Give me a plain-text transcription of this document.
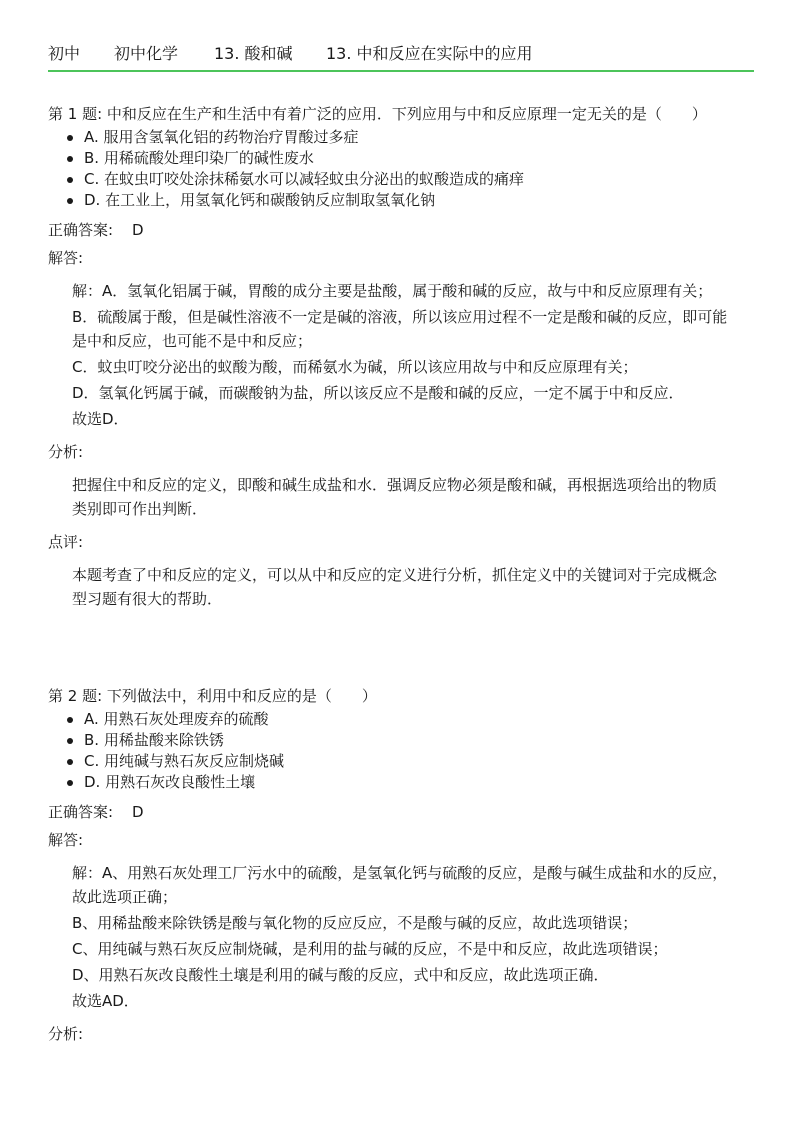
初中	初中化学	13. 酸和碱	13. 中和反应在实际中的应用
第 1 题: 中和反应在生产和生活中有着广泛的应用．下列应用与中和反应原理一定无关的是（　　）
A. 服用含氢氧化铝的药物治疗胃酸过多症
B. 用稀硫酸处理印染厂的碱性废水
C. 在蚊虫叮咬处涂抹稀氨水可以减轻蚊虫分泌出的蚁酸造成的痛痒
D. 在工业上，用氢氧化钙和碳酸钠反应制取氢氧化钠
正确答案: D
解答:

解：A．氢氧化铝属于碱，胃酸的成分主要是盐酸，属于酸和碱的反应，故与中和反应原理有关；

B．硫酸属于酸，但是碱性溶液不一定是碱的溶液，所以该应用过程不一定是酸和碱的反应，即可能是中和反应，也可能不是中和反应；

C．蚊虫叮咬分泌出的蚁酸为酸，而稀氨水为碱，所以该应用故与中和反应原理有关；

D．氢氧化钙属于碱，而碳酸钠为盐，所以该反应不是酸和碱的反应，一定不属于中和反应．

故选D．

分析:

把握住中和反应的定义，即酸和碱生成盐和水．强调反应物必须是酸和碱，再根据选项给出的物质类别即可作出判断．

点评:

本题考查了中和反应的定义，可以从中和反应的定义进行分析，抓住定义中的关键词对于完成概念型习题有很大的帮助．

第 2 题: 下列做法中，利用中和反应的是（　　）
A. 用熟石灰处理废弃的硫酸
B. 用稀盐酸来除铁锈
C. 用纯碱与熟石灰反应制烧碱
D. 用熟石灰改良酸性土壤
正确答案: D
解答:

解：A、用熟石灰处理工厂污水中的硫酸，是氢氧化钙与硫酸的反应，是酸与碱生成盐和水的反应，故此选项正确；

B、用稀盐酸来除铁锈是酸与氧化物的反应反应，不是酸与碱的反应，故此选项错误；

C、用纯碱与熟石灰反应制烧碱，是利用的盐与碱的反应，不是中和反应，故此选项错误；

D、用熟石灰改良酸性土壤是利用的碱与酸的反应，式中和反应，故此选项正确．

故选AD．

分析:
